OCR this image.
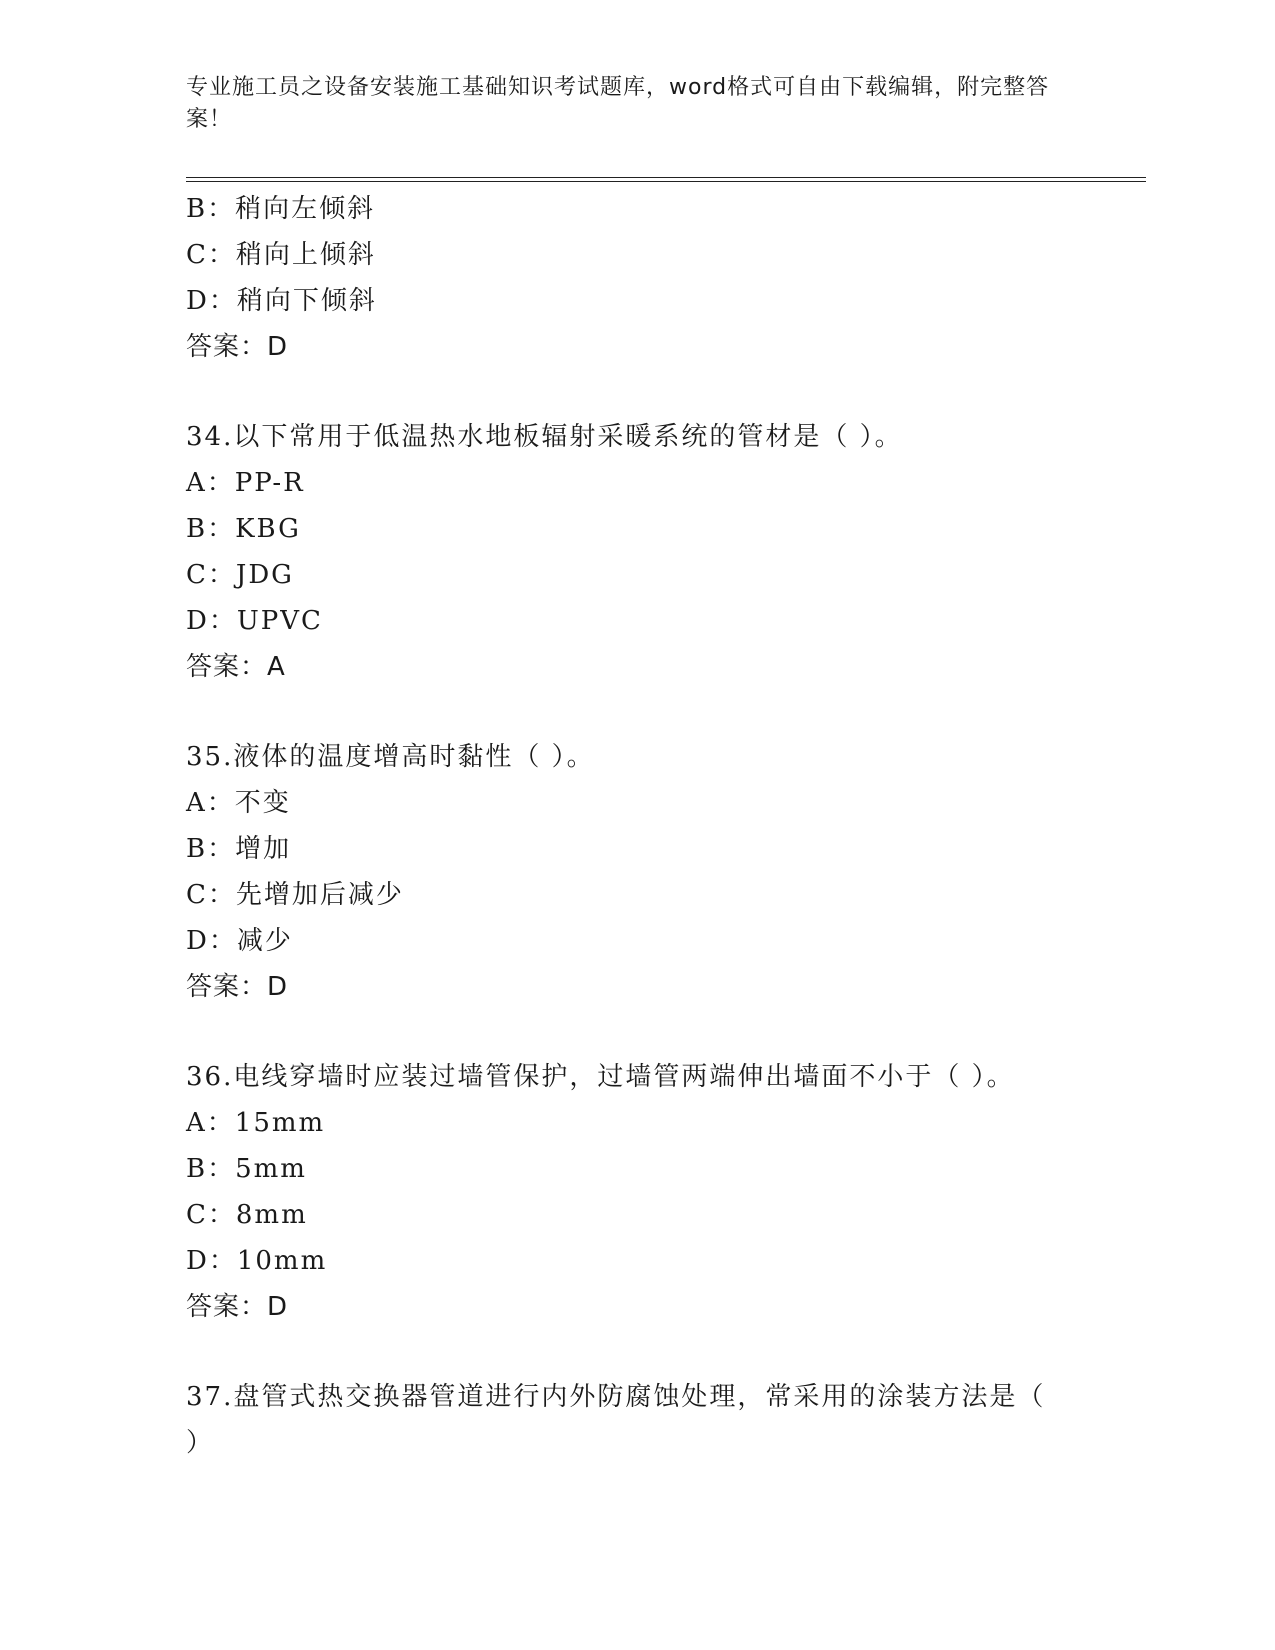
专业施工员之设备安装施工基础知识考试题库，word格式可自由下载编辑，附完整答案！
B：稍向左倾斜
C：稍向上倾斜
D：稍向下倾斜
答案：D
34.以下常用于低温热水地板辐射采暖系统的管材是（ ）。
A：PP-R
B：KBG
C：JDG
D：UPVC
答案：A
35.液体的温度增高时黏性（ ）。
A：不变
B：增加
C：先增加后减少
D：减少
答案：D
36.电线穿墙时应装过墙管保护，过墙管两端伸出墙面不小于（ ）。
A：15mm
B：5mm
C：8mm
D：10mm
答案：D
37.盘管式热交换器管道进行内外防腐蚀处理，常采用的涂装方法是（ ）
